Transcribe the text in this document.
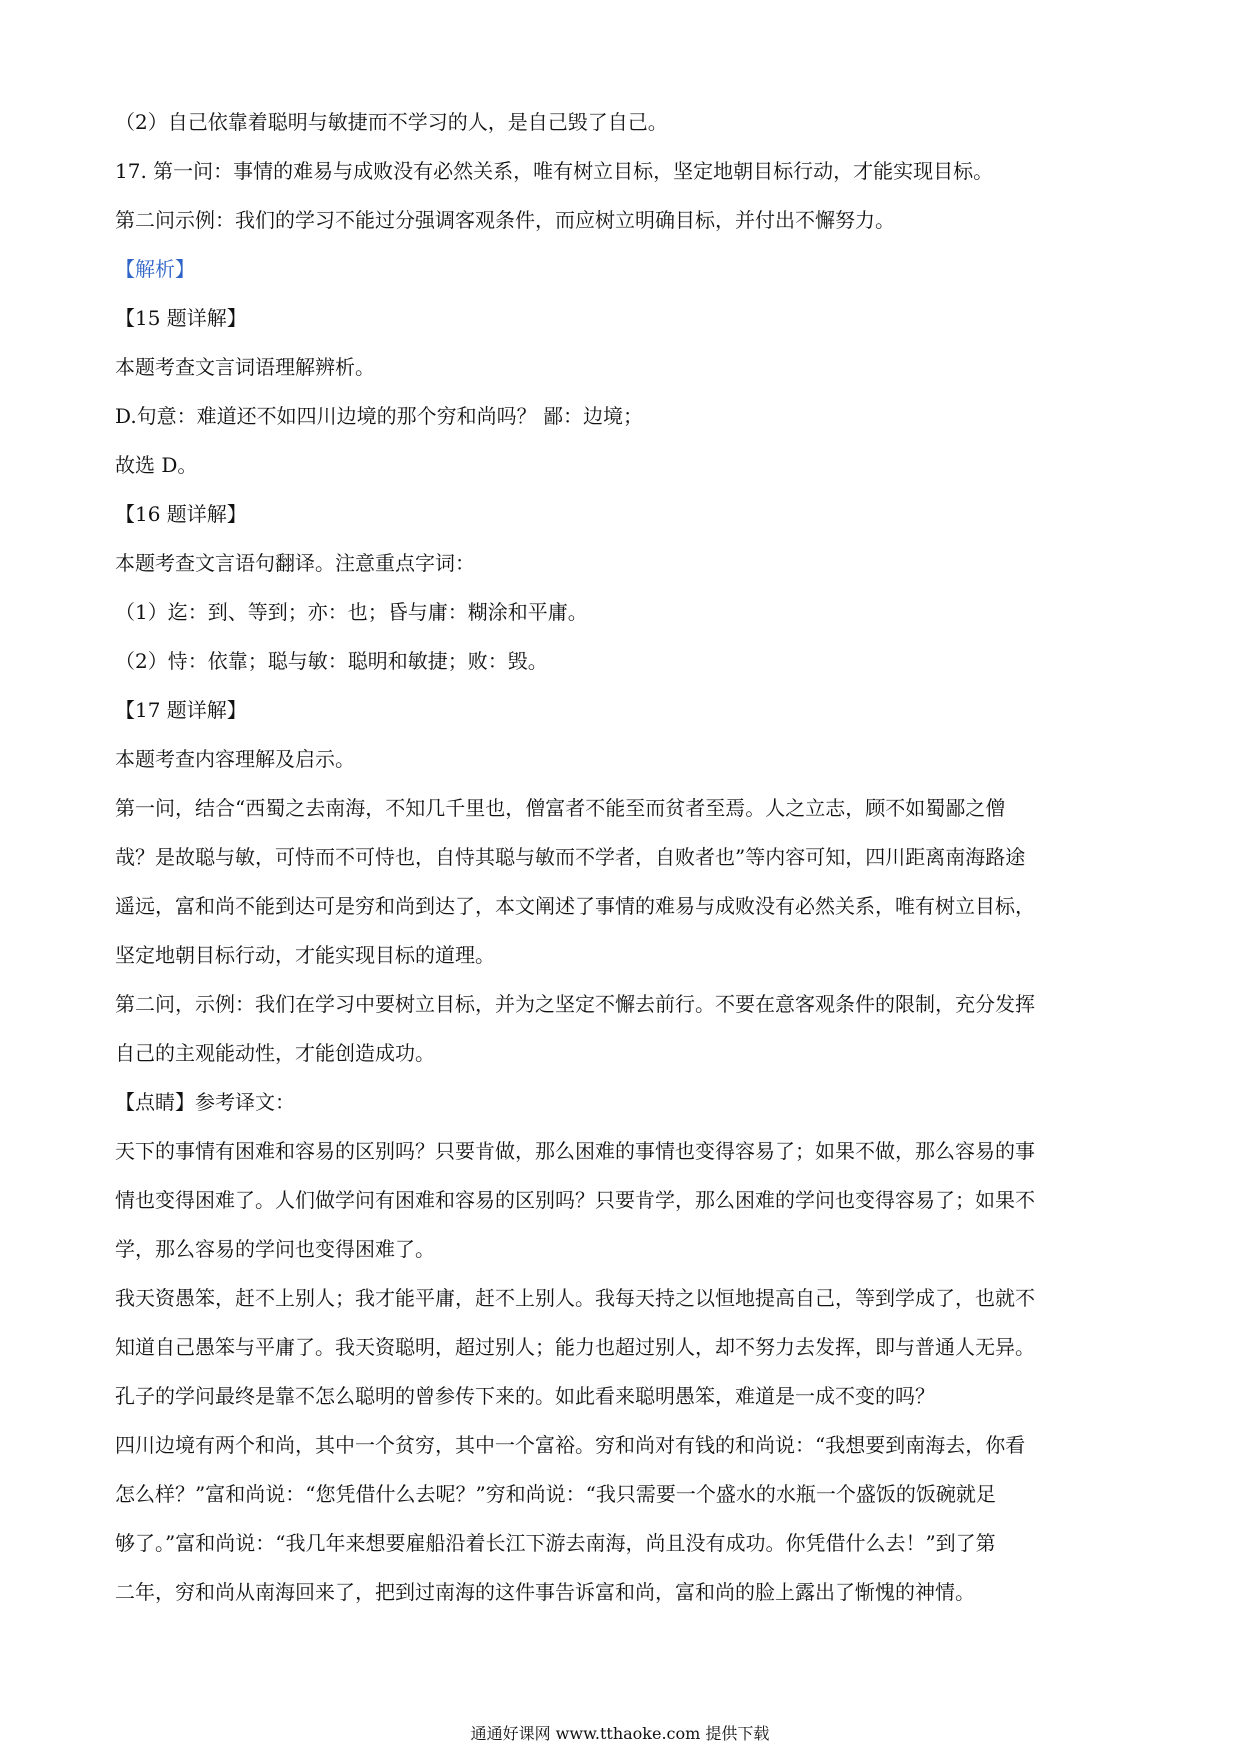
（2）自己依靠着聪明与敏捷而不学习的人，是自己毁了自己。

17. 第一问：事情的难易与成败没有必然关系，唯有树立目标，坚定地朝目标行动，才能实现目标。

第二问示例：我们的学习不能过分强调客观条件，而应树立明确目标，并付出不懈努力。

【解析】

【15 题详解】

本题考查文言词语理解辨析。

D.句意：难道还不如四川边境的那个穷和尚吗？ 鄙：边境；

故选 D。

【16 题详解】

本题考查文言语句翻译。注意重点字词：

（1）迄：到、等到；亦：也；昏与庸：糊涂和平庸。

（2）恃：依靠；聪与敏：聪明和敏捷；败：毁。

【17 题详解】

本题考查内容理解及启示。

第一问，结合“西蜀之去南海，不知几千里也，僧富者不能至而贫者至焉。人之立志，顾不如蜀鄙之僧

哉？是故聪与敏，可恃而不可恃也，自恃其聪与敏而不学者，自败者也”等内容可知，四川距离南海路途

遥远，富和尚不能到达可是穷和尚到达了，本文阐述了事情的难易与成败没有必然关系，唯有树立目标，

坚定地朝目标行动，才能实现目标的道理。

第二问，示例：我们在学习中要树立目标，并为之坚定不懈去前行。不要在意客观条件的限制，充分发挥

自己的主观能动性，才能创造成功。

【点睛】参考译文：

天下的事情有困难和容易的区别吗？只要肯做，那么困难的事情也变得容易了；如果不做，那么容易的事

情也变得困难了。人们做学问有困难和容易的区别吗？只要肯学，那么困难的学问也变得容易了；如果不

学，那么容易的学问也变得困难了。

我天资愚笨，赶不上别人；我才能平庸，赶不上别人。我每天持之以恒地提高自己，等到学成了，也就不

知道自己愚笨与平庸了。我天资聪明，超过别人；能力也超过别人，却不努力去发挥，即与普通人无异。

孔子的学问最终是靠不怎么聪明的曾参传下来的。如此看来聪明愚笨，难道是一成不变的吗？

四川边境有两个和尚，其中一个贫穷，其中一个富裕。穷和尚对有钱的和尚说：“我想要到南海去，你看

怎么样？”富和尚说：“您凭借什么去呢？”穷和尚说：“我只需要一个盛水的水瓶一个盛饭的饭碗就足

够了。”富和尚说：“我几年来想要雇船沿着长江下游去南海，尚且没有成功。你凭借什么去！”到了第

二年，穷和尚从南海回来了，把到过南海的这件事告诉富和尚，富和尚的脸上露出了惭愧的神情。

通通好课网 www.tthaoke.com 提供下载
